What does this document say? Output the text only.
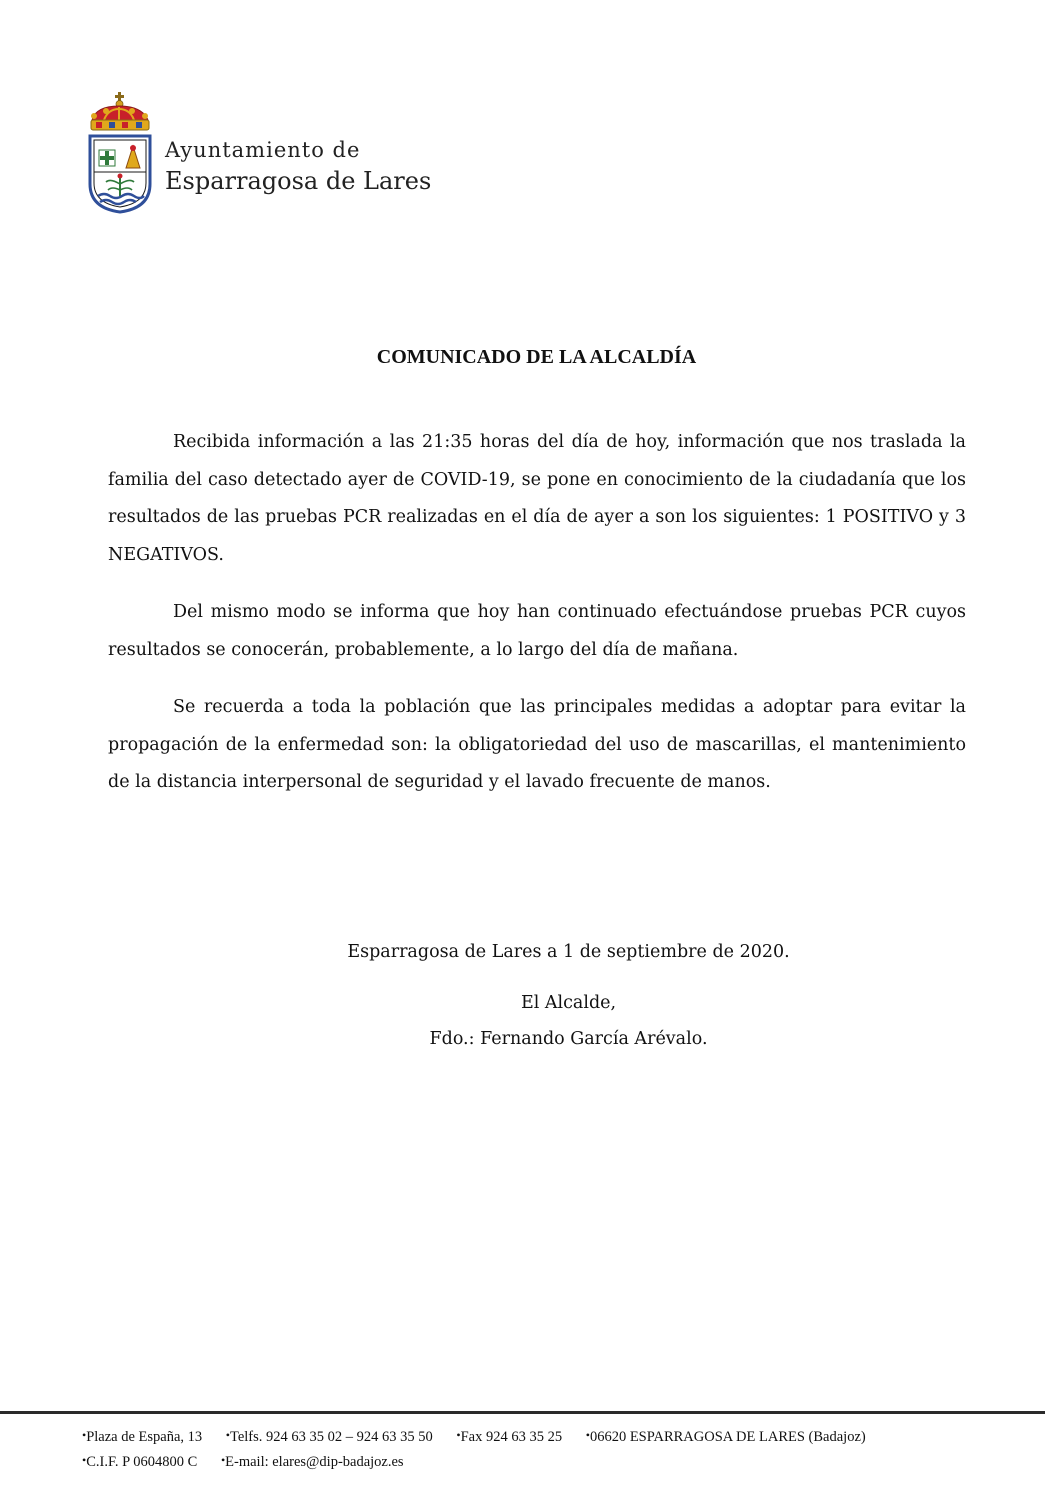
Ayuntamiento de
Esparragosa de Lares
COMUNICADO DE LA ALCALDÍA

Recibida información a las 21:35 horas del día de hoy, información que nos traslada la familia del caso detectado ayer de COVID-19, se pone en conocimiento de la ciudadanía que los resultados de las pruebas PCR realizadas en el día de ayer a son los siguientes: 1 POSITIVO y 3 NEGATIVOS.

Del mismo modo se informa que hoy han continuado efectuándose pruebas PCR cuyos resultados se conocerán, probablemente, a lo largo del día de mañana.

Se recuerda a toda la población que las principales medidas a adoptar para evitar la propagación de la enfermedad son: la obligatoriedad del uso de mascarillas, el mantenimiento de la distancia interpersonal de seguridad y el lavado frecuente de manos.

Esparragosa de Lares a 1 de septiembre de 2020.
El Alcalde,
Fdo.: Fernando García Arévalo.
•Plaza de España, 13 •Telfs. 924 63 35 02 – 924 63 35 50 •Fax 924 63 35 25 •06620 ESPARRAGOSA DE LARES (Badajoz)
•C.I.F. P 0604800 C •E-mail: elares@dip-badajoz.es
